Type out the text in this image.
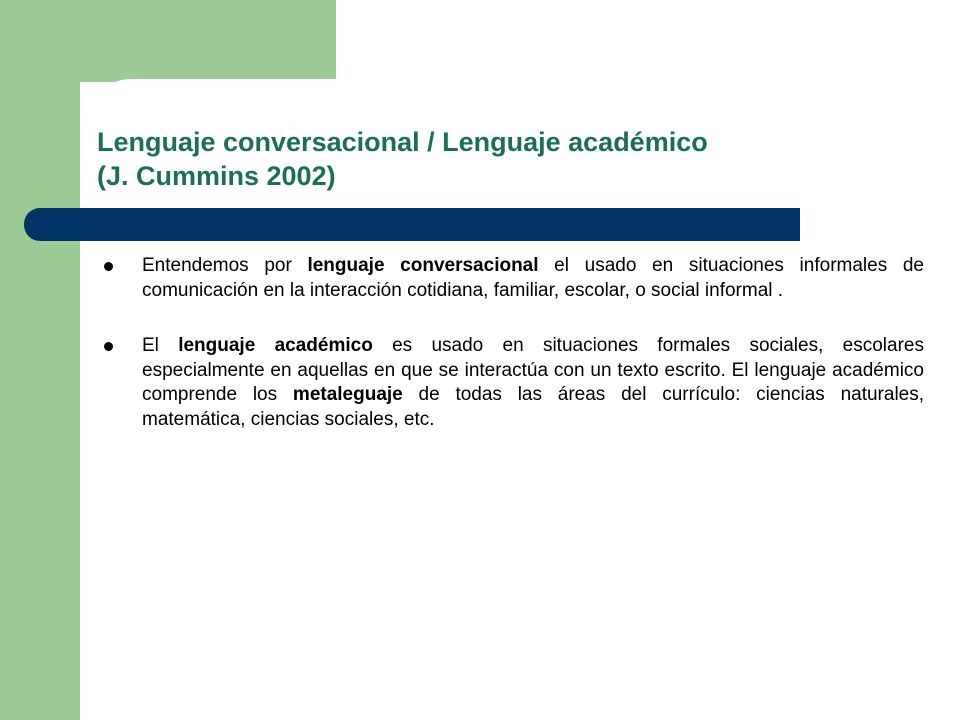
Lenguaje conversacional / Lenguaje académico
(J. Cummins 2002)

Entendemos por lenguaje conversacional el usado en situaciones informales de comunicación en la interacción cotidiana, familiar, escolar, o social informal .

El lenguaje académico es usado en situaciones formales sociales, escolares especialmente en aquellas en que se interactúa con un texto escrito. El lenguaje académico comprende los metaleguaje de todas las áreas del currículo: ciencias naturales, matemática, ciencias sociales, etc.
